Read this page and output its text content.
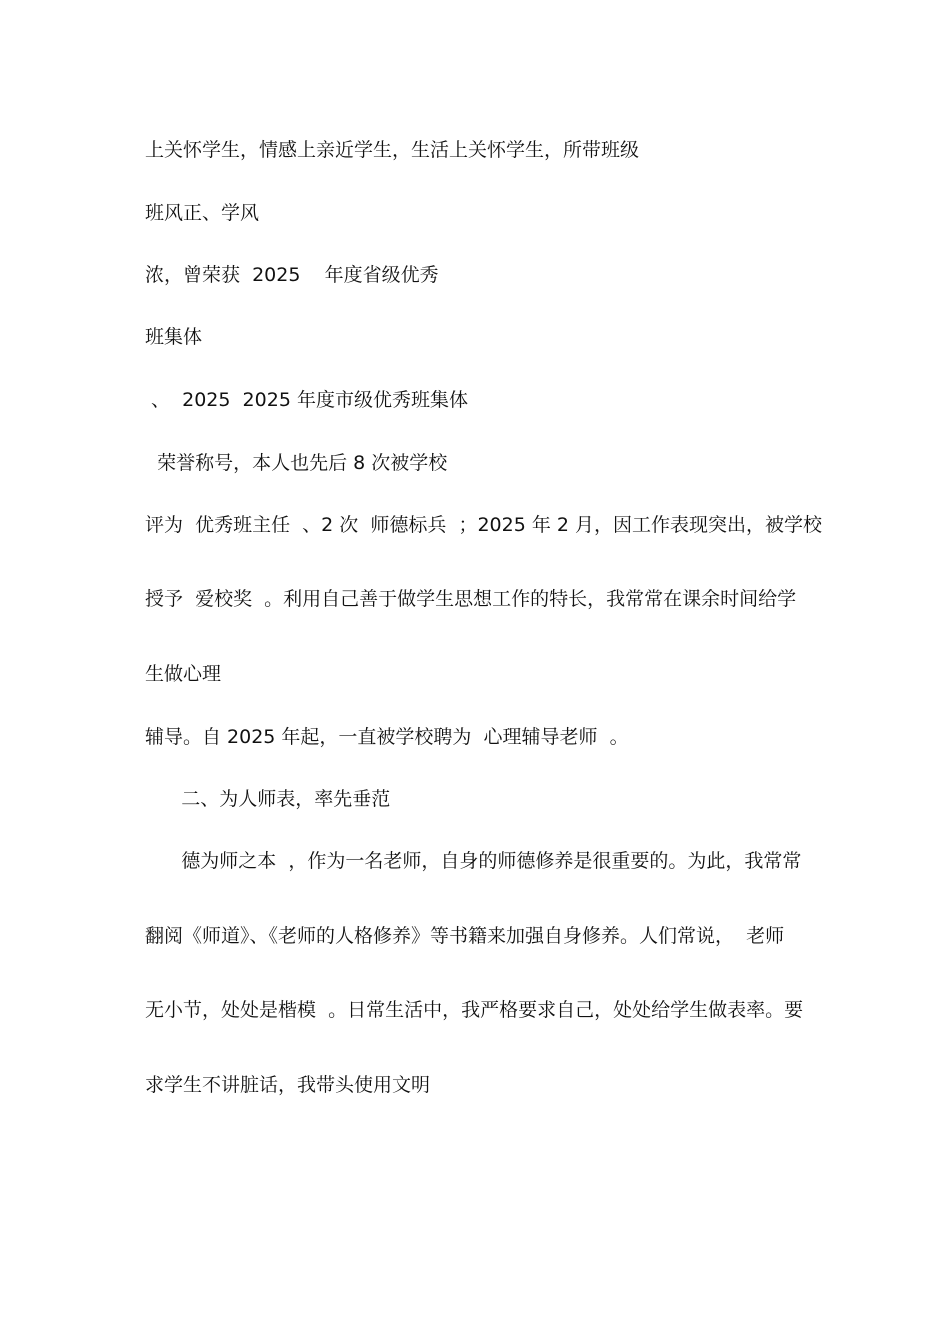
上关怀学生，情感上亲近学生，生活上关怀学生，所带班级
班风正、学风
浓，曾荣获  2025    年度省级优秀
班集体
、  2025  2025 年度市级优秀班集体
荣誉称号，本人也先后 8 次被学校
评为  优秀班主任  、2 次  师德标兵  ；2025 年 2 月，因工作表现突出，被学校
授予  爱校奖  。利用自己善于做学生思想工作的特长，我常常在课余时间给学
生做心理
辅导。自 2025 年起，一直被学校聘为  心理辅导老师  。
二、为人师表，率先垂范
德为师之本  ，作为一名老师，自身的师德修养是很重要的。为此，我常常
翻阅《师道》、《老师的人格修养》等书籍来加强自身修养。人们常说，  老师
无小节，处处是楷模  。日常生活中，我严格要求自己，处处给学生做表率。要
求学生不讲脏话，我带头使用文明
